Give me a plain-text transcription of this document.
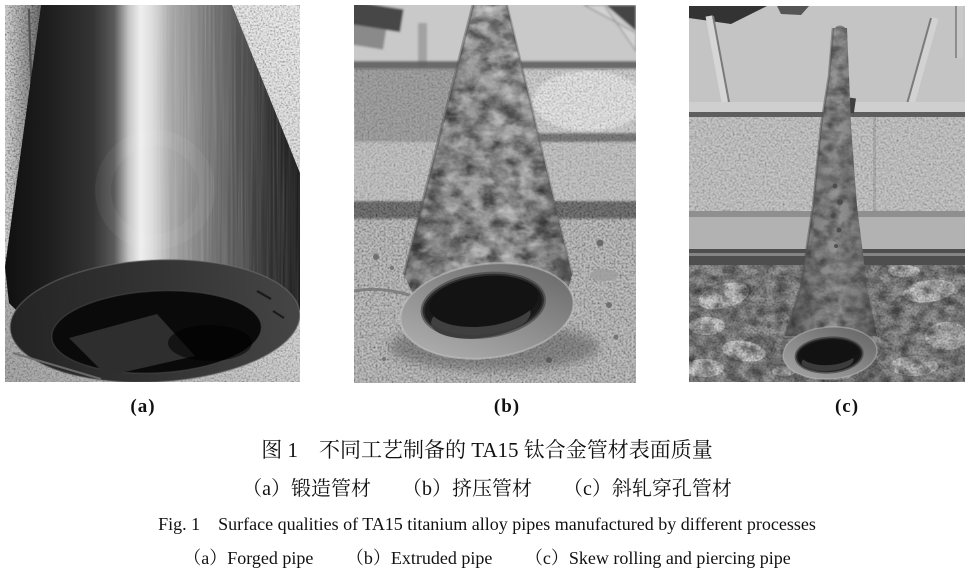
(a)	(b)	(c)
图 1　不同工艺制备的 TA15 钛合金管材表面质量
（a）锻造管材 （b）挤压管材 （c）斜轧穿孔管材
Fig. 1　Surface qualities of TA15 titanium alloy pipes manufactured by different processes
（a）Forged pipe （b）Extruded pipe （c）Skew rolling and piercing pipe
